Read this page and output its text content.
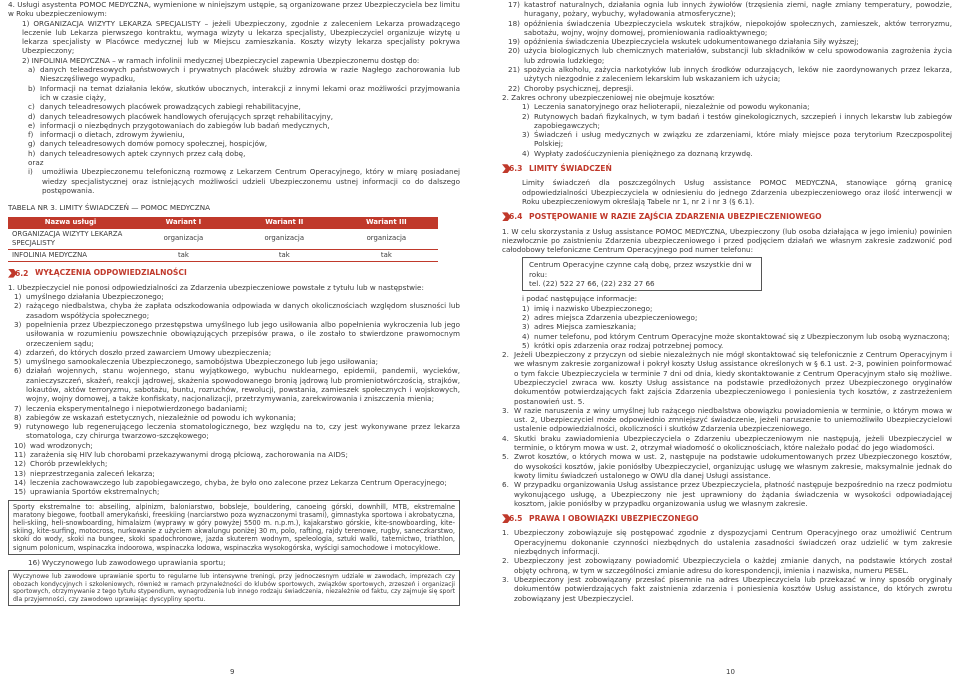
4. Usługi asystenta POMOC MEDYCZNA, wymienione w niniejszym ustępie, są organizowane przez Ubezpieczyciela bez limitu w Roku ubezpieczeniowym:

1) ORGANIZACJA WIZYTY LEKARZA SPECJALISTY – jeżeli Ubezpieczony, zgodnie z zaleceniem Lekarza prowadzącego leczenie lub Lekarza pierwszego kontraktu, wymaga wizyty u lekarza specjalisty, Ubezpieczyciel organizuje wizytę u lekarza specjalisty w Placówce medycznej lub w Miejscu zamieszkania. Koszty wizyty lekarza specjalisty pokrywa Ubezpieczony;
2) INFOLINIA MEDYCZNA – w ramach infolinii medycznej Ubezpieczyciel zapewnia Ubezpieczonemu dostęp do:
a) danych teleadresowych państwowych i prywatnych placówek służby zdrowia w razie Nagłego zachorowania lub Nieszczęśliwego wypadku,
b) Informacji na temat działania leków, skutków ubocznych, interakcji z innymi lekami oraz możliwości przyjmowania ich w czasie ciąży,
c) danych teleadresowych placówek prowadzących zabiegi rehabilitacyjne,
d) danych teleadresowych placówek handlowych oferujących sprzęt rehabilitacyjny,
e) informacji o niezbędnych przygotowaniach do zabiegów lub badań medycznych,
f) informacji o dietach, zdrowym żywieniu,
g) danych teleadresowych domów pomocy społecznej, hospicjów,
h) danych teleadresowych aptek czynnych przez całą dobę,
oraz
i)	umożliwia Ubezpieczonemu telefoniczną rozmowę z Lekarzem Centrum Operacyjnego, który w miarę posiadanej wiedzy specjalistycznej oraz istniejących możliwości udzieli Ubezpieczonemu ustnej informacji co do dalszego postępowania.
TABELA NR 3. LIMITY ŚWIADCZEŃ — POMOC MEDYCZNA
Nazwa usługi	Wariant I	Wariant II	Wariant III
ORGANIZACJA WIZYTY LEKARZA SPECJALISTY	organizacja	organizacja	organizacja
INFOLINIA MEDYCZNA	tak	tak	tak
6.2 WYŁĄCZENIA ODPOWIEDZIALNOŚCI

1. Ubezpieczyciel nie ponosi odpowiedzialności za Zdarzenia ubezpieczeniowe powstałe z tytułu lub w następstwie:

1) umyślnego działania Ubezpieczonego;
2) rażącego niedbalstwa, chyba że zapłata odszkodowania odpowiada w danych okolicznościach względom słuszności lub zasadom współżycia społecznego;
3) popełnienia przez Ubezpieczonego przestępstwa umyślnego lub jego usiłowania albo popełnienia wykroczenia lub jego usiłowania w rozumieniu powszechnie obowiązujących przepisów prawa, o ile zostało to stwierdzone prawomocnym orzeczeniem sądu;
4) zdarzeń, do których doszło przed zawarciem Umowy ubezpieczenia;
5) umyślnego samookaleczenia Ubezpieczonego, samobójstwa Ubezpieczonego lub jego usiłowania;
6) działań wojennych, stanu wojennego, stanu wyjątkowego, wybuchu nuklearnego, epidemii, pandemii, wycieków, zanieczyszczeń, skażeń, reakcji jądrowej, skażenia spowodowanego bronią jądrową lub promieniotwórczością, strajków, lokautów, aktów terroryzmu, sabotażu, buntu, rozruchów, rewolucji, powstania, zamieszek społecznych i wojskowych, wojny, wojny domowej, a także konfiskaty, nacjonalizacji, przetrzymywania, zarekwirowania i zniszczenia mienia;
7) leczenia eksperymentalnego i niepotwierdzonego badaniami;
8) zabiegów ze wskazań estetycznych, niezależnie od powodu ich wykonania;
9) rutynowego lub regenerującego leczenia stomatologicznego, bez względu na to, czy jest wykonywane przez lekarza stomatologa, czy chirurga twarzowo-szczękowego;
10) wad wrodzonych;
11) zarażenia się HIV lub chorobami przekazywanymi drogą płciową, zachorowania na AIDS;
12) Chorób przewlekłych;
13) nieprzestrzegania zaleceń lekarza;
14) leczenia zachowawczego lub zapobiegawczego, chyba, że było ono zalecone przez Lekarza Centrum Operacyjnego;
15) uprawiania Sportów ekstremalnych;
Sporty ekstremalne to: abseiling, alpinizm, baloniarstwo, bobsleje, bouldering, canoeing górski, downhill, MTB, ekstremalne maratony biegowe, football amerykański, freeskiing (narciarstwo poza wyznaczonymi trasami), gimnastyka sportowa i akrobatyczna, heli-skiing, heli-snowboarding, himalaizm (wyprawy w góry powyżej 5500 m. n.p.m.), kajakarstwo górskie, kite-snowboarding, kite-skiing, kite-surfing, motocross, nurkowanie z użyciem akwalungu poniżej 30 m, polo, rafting, rajdy terenowe, rugby, saneczkarstwo, skoki do wody, skoki na bungee, skoki spadochronowe, jazda skuterem wodnym, speleologia, sztuki walki, taternictwo, triathlon, signum polonicum, wspinaczka indoorowa, wspinaczka lodowa, wspinaczka wysokogórska, wyścigi samochodowe i motocyklowe.
16) Wyczynowego lub zawodowego uprawiania sportu;
Wyczynowe lub zawodowe uprawianie sportu to regularne lub intensywne treningi, przy jednoczesnym udziale w zawodach, imprezach czy obozach kondycyjnych i szkoleniowych, również w ramach przynależności do klubów sportowych, związków sportowych, zrzeszeń i organizacji sportowych, otrzymywanie z tego tytułu stypendium, wynagrodzenia lub innego rodzaju świadczenia, niezależnie od faktu, czy zajmuje się sport dla przyjemności, czy zawodowo uprawiając dyscypliny sportu.
9
17) katastrof naturalnych, działania ognia lub innych żywiołów (trzęsienia ziemi, nagłe zmiany temperatury, powodzie, huragany, pożary, wybuchy, wyładowania atmosferyczne);
18) opóźnienia świadczenia Ubezpieczyciela wskutek strajków, niepokojów społecznych, zamieszek, aktów terroryzmu, sabotażu, wojny, wojny domowej, promieniowania radioaktywnego;
19) opóźnienia świadczenia Ubezpieczyciela wskutek udokumentowanego działania Siły wyższej;
20) użycia biologicznych lub chemicznych materiałów, substancji lub składników w celu spowodowania zagrożenia życia lub zdrowia ludzkiego;
21) spożycia alkoholu, zażycia narkotyków lub innych środków odurzających, leków nie zaordynowanych przez lekarza, użytych niezgodnie z zaleceniem lekarskim lub wskazaniem ich użycia;
22) Choroby psychicznej, depresji.

2. Zakres ochrony ubezpieczeniowej nie obejmuje kosztów:

1) Leczenia sanatoryjnego oraz helioterapii, niezależnie od powodu wykonania;
2) Rutynowych badań fizykalnych, w tym badań i testów ginekologicznych, szczepień i innych lekarstw lub zabiegów zapobiegawczych;
3) Świadczeń i usług medycznych w związku ze zdarzeniami, które miały miejsce poza terytorium Rzeczpospolitej Polskiej;
4) Wypłaty zadośćuczynienia pieniężnego za doznaną krzywdę.
6.3 LIMITY ŚWIADCZEŃ

Limity świadczeń dla poszczególnych Usług assistance POMOC MEDYCZNA, stanowiące górną granicę odpowiedzialności Ubezpieczyciela w odniesieniu do jednego Zdarzenia ubezpieczeniowego oraz ilość interwencji w Roku ubezpieczeniowym określają Tabele nr 1, nr 2 i nr 3 (§ 6.1).

6.4 POSTĘPOWANIE W RAZIE ZAJŚCIA ZDARZENIA UBEZPIECZENIOWEGO

1. W celu skorzystania z Usług assistance POMOC MEDYCZNA, Ubezpieczony (lub osoba działająca w jego imieniu) powinien niezwłocznie po zaistnieniu Zdarzenia ubezpieczeniowego i przed podjęciem działań we własnym zakresie zadzwonić pod całodobowy telefoniczne Centrum Operacyjnego pod numer telefonu:

Centrum Operacyjne czynne całą dobę, przez wszystkie dni w roku:
tel. (22) 522 27 66, (22) 232 27 66

i podać następujące informacje:

1) imię i nazwisko Ubezpieczonego;
2) adres miejsca Zdarzenia ubezpieczeniowego;
3) adres Miejsca zamieszkania;
4) numer telefonu, pod którym Centrum Operacyjne może skontaktować się z Ubezpieczonym lub osobą wyznaczoną;
5) krótki opis zdarzenia oraz rodzaj potrzebnej pomocy.
2. Jeżeli Ubezpieczony z przyczyn od siebie niezależnych nie mógł skontaktować się telefonicznie z Centrum Operacyjnym i we własnym zakresie zorganizował i pokrył koszty Usług assistance określonych w § 6.1 ust. 2-3, powinien poinformować o tym fakcie Ubezpieczyciela w terminie 7 dni od dnia, kiedy skontaktowanie z Centrum Operacyjnym stało się możliwe. Ubezpieczyciel zwraca ww. koszty Usług assistance na podstawie przedłożonych przez Ubezpieczonego oryginałów dokumentów potwierdzających fakt zajścia Zdarzenia ubezpieczeniowego i poniesienia tych kosztów, z zastrzeżeniem postanowień ust. 5.
3. W razie naruszenia z winy umyślnej lub rażącego niedbalstwa obowiązku powiadomienia w terminie, o którym mowa w ust. 2, Ubezpieczyciel może odpowiednio zmniejszyć świadczenie, jeżeli naruszenie to uniemożliwiło Ubezpieczycielowi ustalenie odpowiedzialności, okoliczności i skutków Zdarzenia ubezpieczeniowego.
4. Skutki braku zawiadomienia Ubezpieczyciela o Zdarzeniu ubezpieczeniowym nie następują, jeżeli Ubezpieczyciel w terminie, o którym mowa w ust. 2, otrzymał wiadomość o okolicznościach, które należało podać do jego wiadomości.
5. Zwrot kosztów, o których mowa w ust. 2, następuje na podstawie udokumentowanych przez Ubezpieczonego kosztów, do wysokości kosztów, jakie poniósłby Ubezpieczyciel, organizując usługę we własnym zakresie, maksymalnie jednak do kwoty limitu świadczeń ustalonego w OWU dla danej Usługi assistance.
6. W przypadku organizowania Usług assistance przez Ubezpieczyciela, płatność następuje bezpośrednio na rzecz podmiotu wykonującego usługę, a Ubezpieczony nie jest uprawniony do żądania świadczenia w wysokości odpowiadającej kosztom, jakie poniósłby w przypadku organizowania usług we własnym zakresie.
6.5 PRAWA I OBOWIĄZKI UBEZPIECZONEGO
1. Ubezpieczony zobowiązuje się postępować zgodnie z dyspozycjami Centrum Operacyjnego oraz umożliwić Centrum Operacyjnemu dokonanie czynności niezbędnych do ustalenia zasadności świadczeń oraz udzielić w tym zakresie niezbędnych informacji.
2. Ubezpieczony jest zobowiązany powiadomić Ubezpieczyciela o każdej zmianie danych, na podstawie których został objęty ochroną, w tym w szczególności zmianie adresu do korespondencji, imienia i nazwiska, numeru PESEL.
3. Ubezpieczony jest zobowiązany przesłać pisemnie na adres Ubezpieczyciela lub przekazać w inny sposób oryginały dokumentów potwierdzających fakt zaistnienia zdarzenia i poniesienia kosztów Usług assistance, do których zwrotu zobowiązany jest Ubezpieczyciel.
10
